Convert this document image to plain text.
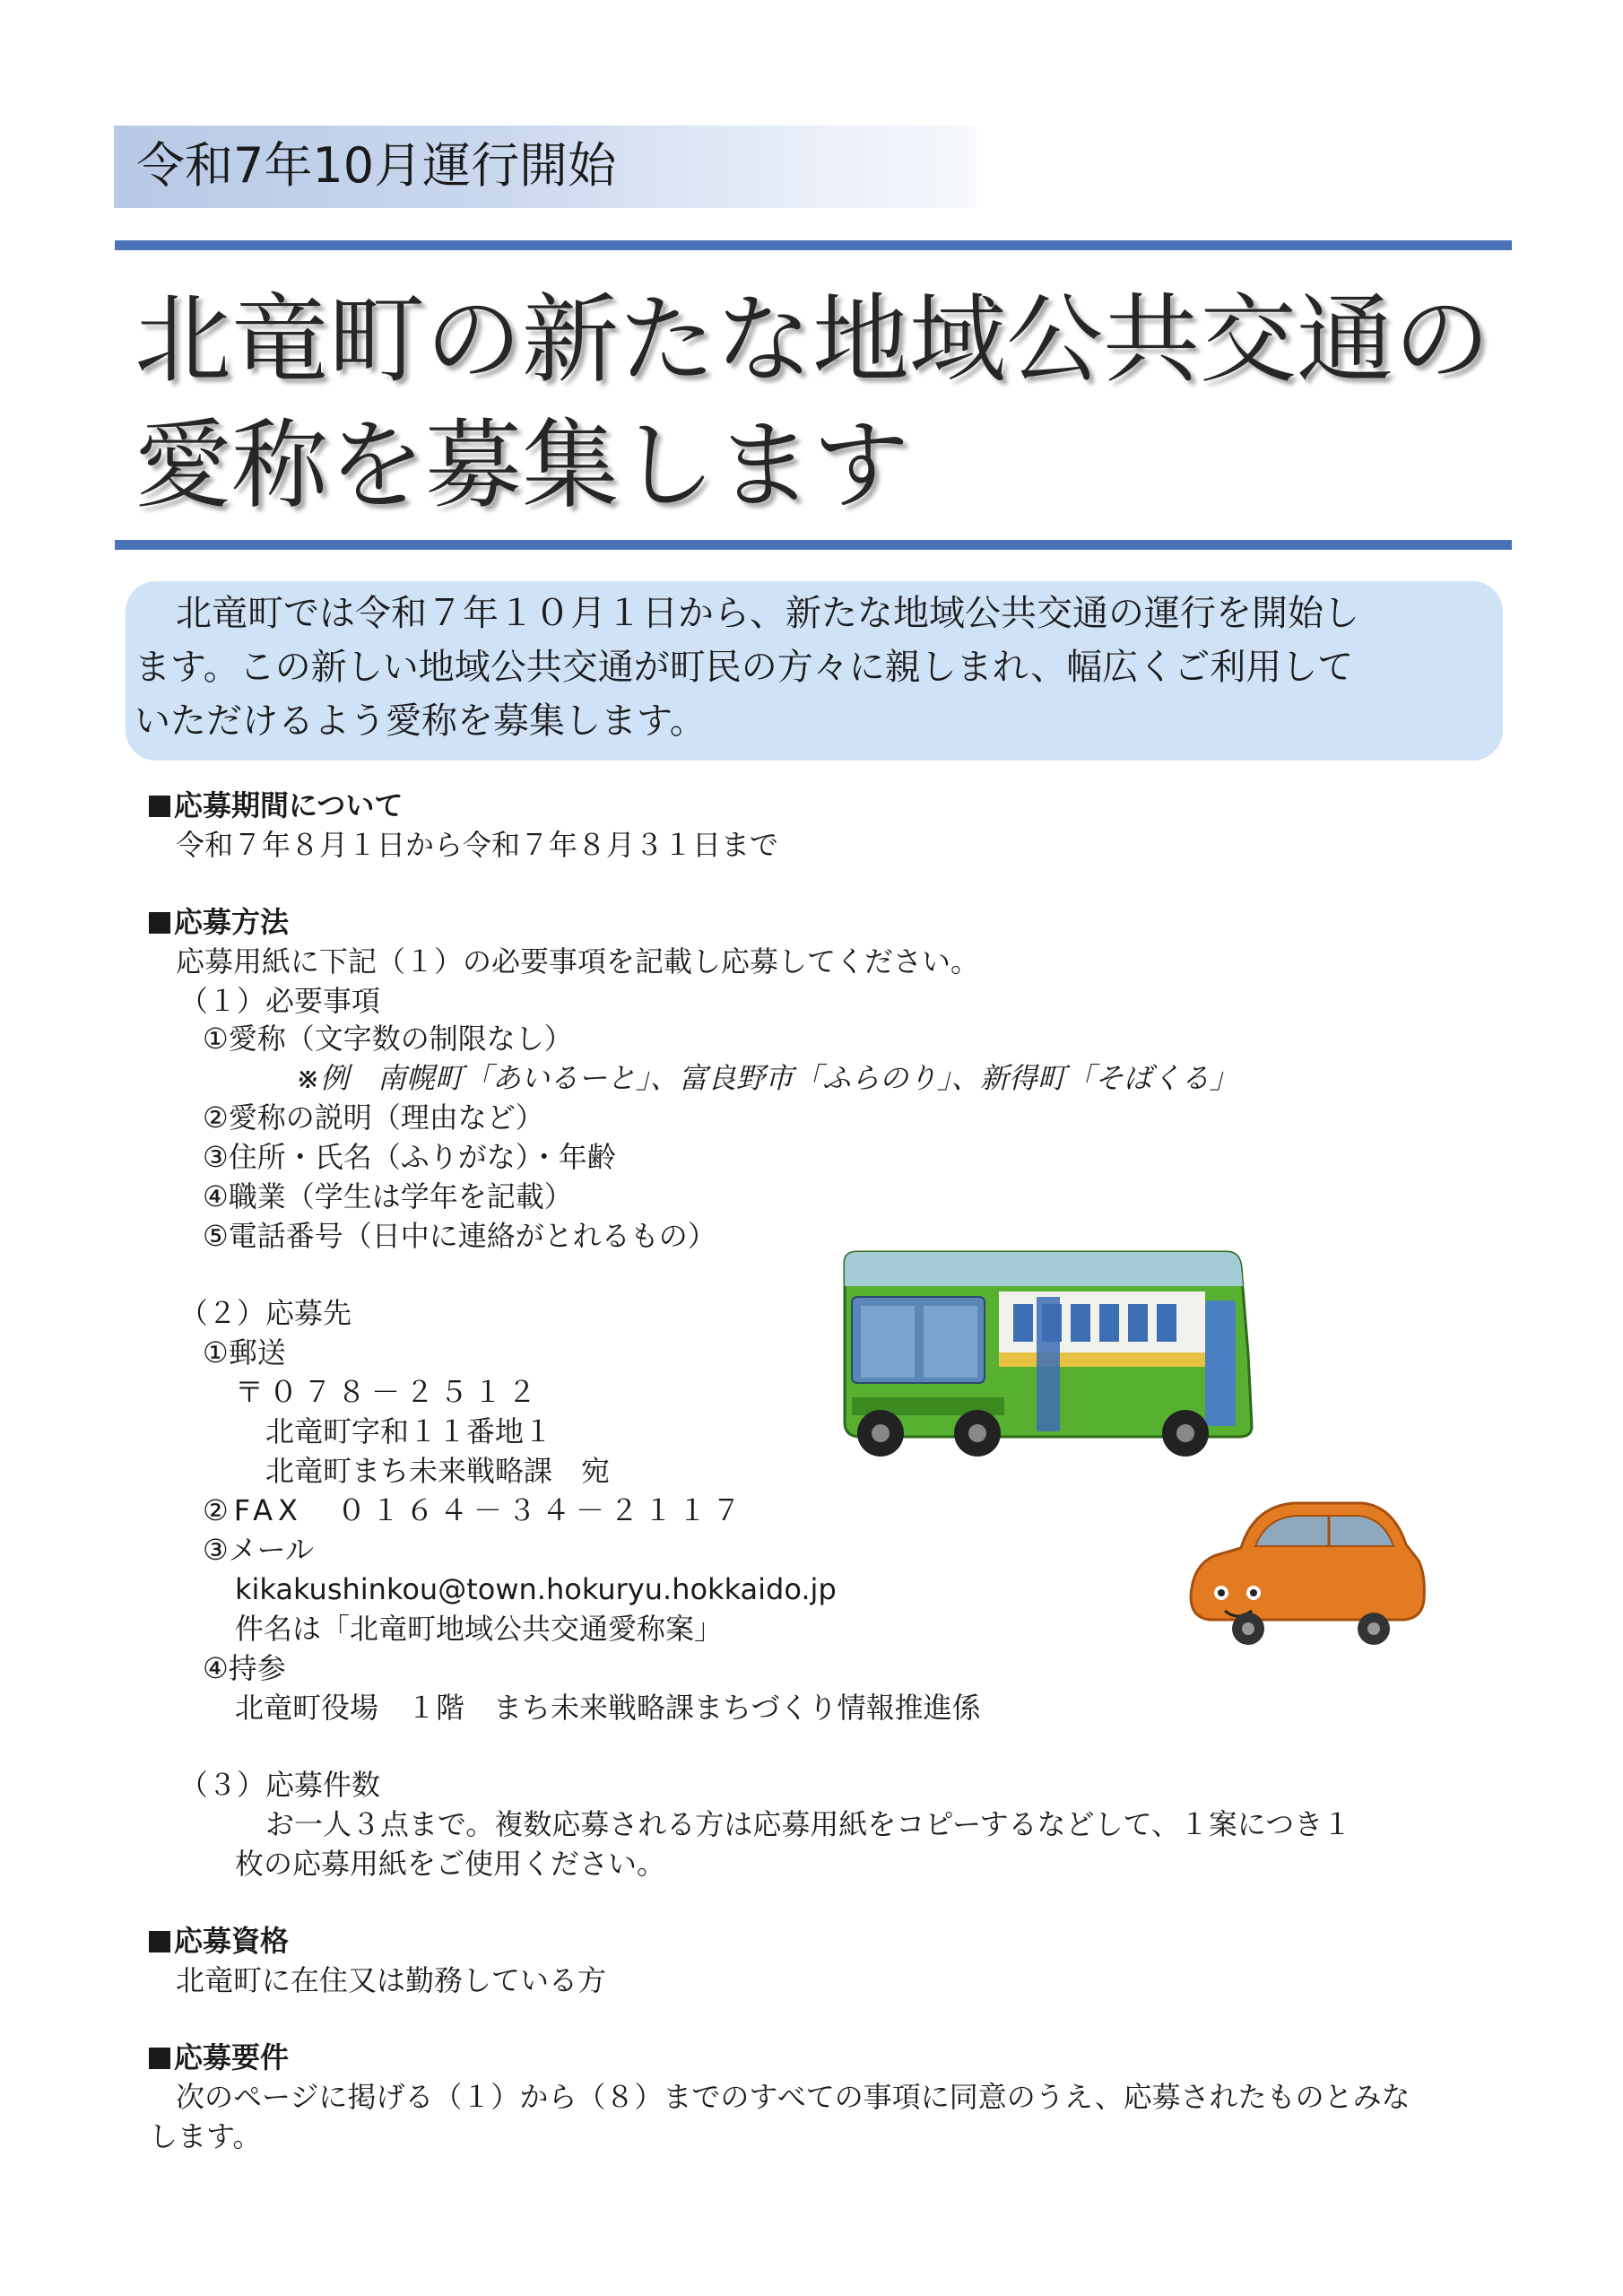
令和7年10月運行開始
北竜町の新たな地域公共交通の
愛称を募集します
北竜町では令和７年１０月１日から、新たな地域公共交通の運行を開始し
ます。この新しい地域公共交通が町民の方々に親しまれ、幅広くご利用して
いただけるよう愛称を募集します。
応募期間について
令和７年８月１日から令和７年８月３１日まで
応募方法
応募用紙に下記（１）の必要事項を記載し応募してください。
（１）必要事項
①愛称（文字数の制限なし）
※例　南幌町「あいるーと」、富良野市「ふらのり」、新得町「そばくる」
②愛称の説明（理由など）
③住所・氏名（ふりがな）・年齢
④職業（学生は学年を記載）
⑤電話番号（日中に連絡がとれるもの）
（２）応募先
①郵送
〒０７８－２５１２
北竜町字和１１番地１
北竜町まち未来戦略課　宛
②FAX　０１６４－３４－２１１７
③メール
kikakushinkou@town.hokuryu.hokkaido.jp
件名は「北竜町地域公共交通愛称案」
④持参
北竜町役場　１階　まち未来戦略課まちづくり情報推進係
（３）応募件数
お一人３点まで。複数応募される方は応募用紙をコピーするなどして、１案につき１
枚の応募用紙をご使用ください。
応募資格
北竜町に在住又は勤務している方
応募要件
次のページに掲げる（１）から（８）までのすべての事項に同意のうえ、応募されたものとみな
します。
